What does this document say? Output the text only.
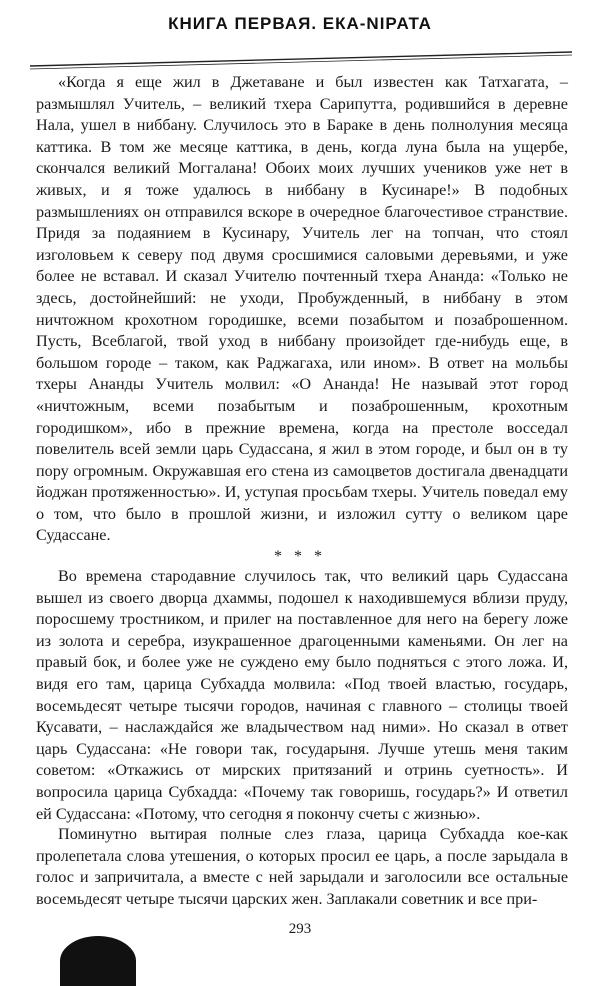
КНИГА ПЕРВАЯ. ЕКА-NIPATA

«Когда я еще жил в Джетаване и был известен как Татхагата, – размышлял Учитель, – великий тхера Сарипутта, родившийся в деревне Нала, ушел в ниббану. Случилось это в Бараке в день полнолуния месяца каттика. В том же месяце каттика, в день, когда луна была на ущербе, скончался великий Моггалана! Обоих моих лучших учеников уже нет в живых, и я тоже удалюсь в ниббану в Кусинаре!» В подобных размышлениях он отправился вскоре в очередное благочестивое странствие. Придя за подаянием в Кусинару, Учитель лег на топчан, что стоял изголовьем к северу под двумя сросшимися саловыми деревьями, и уже более не вставал. И сказал Учителю почтенный тхера Ананда: «Только не здесь, достойнейший: не уходи, Пробужденный, в ниббану в этом ничтожном крохотном городишке, всеми позабытом и позаброшенном. Пусть, Всеблагой, твой уход в ниббану произойдет где-нибудь еще, в большом городе – таком, как Раджагаха, или ином». В ответ на мольбы тхеры Ананды Учитель молвил: «О Ананда! Не называй этот город «ничтожным, всеми позабытым и позаброшенным, крохотным городишком», ибо в прежние времена, когда на престоле восседал повелитель всей земли царь Судассана, я жил в этом городе, и был он в ту пору огромным. Окружавшая его стена из самоцветов достигала двенадцати йоджан протяженностью». И, уступая просьбам тхеры. Учитель поведал ему о том, что было в прошлой жизни, и изложил сутту о великом царе Судассане.

* * *

Во времена стародавние случилось так, что великий царь Судассана вышел из своего дворца дхаммы, подошел к находившемуся вблизи пруду, поросшему тростником, и прилег на поставленное для него на берегу ложе из золота и серебра, изукрашенное драгоценными каменьями. Он лег на правый бок, и более уже не суждено ему было подняться с этого ложа. И, видя его там, царица Субхадда молвила: «Под твоей властью, государь, восемьдесят четыре тысячи городов, начиная с главного – столицы твоей Кусавати, – наслаждайся же владычеством над ними». Но сказал в ответ царь Судассана: «Не говори так, государыня. Лучше утешь меня таким советом: «Откажись от мирских притязаний и отринь суетность». И вопросила царица Субхадда: «Почему так говоришь, государь?» И ответил ей Судассана: «Потому, что сегодня я покончу счеты с жизнью».

Поминутно вытирая полные слез глаза, царица Субхадда кое-как пролепетала слова утешения, о которых просил ее царь, а после зарыдала в голос и запричитала, а вместе с ней зарыдали и заголосили все остальные восемьдесят четыре тысячи царских жен. Заплакали советник и все при-

293
